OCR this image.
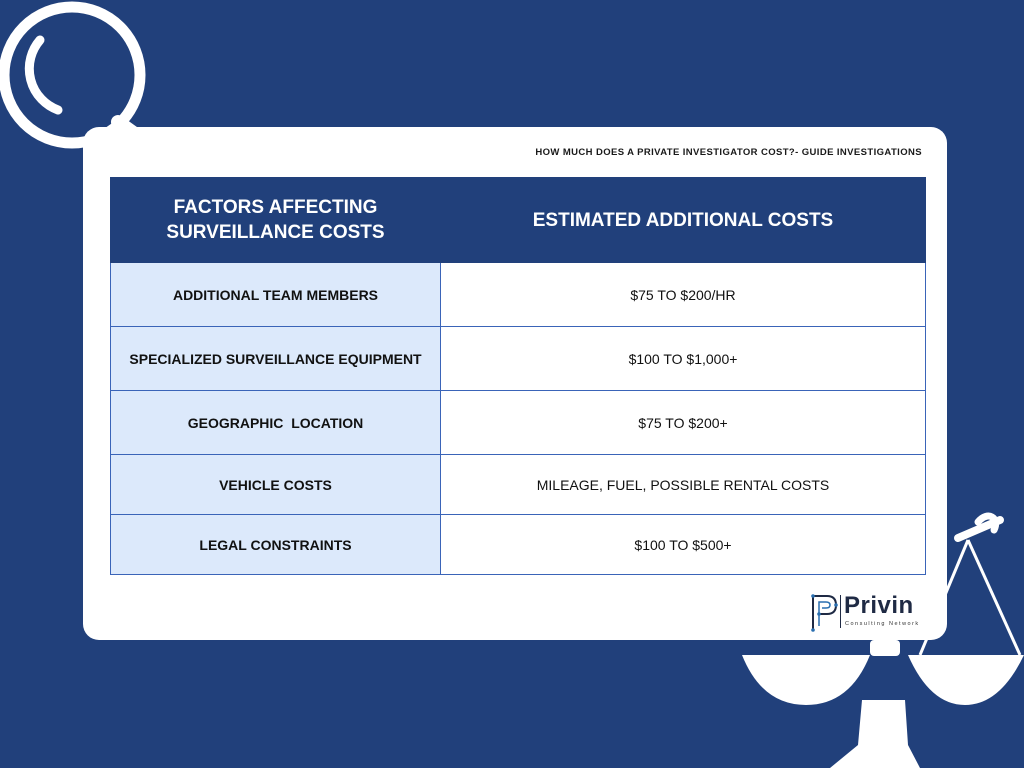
HOW MUCH DOES A PRIVATE INVESTIGATOR COST?- GUIDE INVESTIGATIONS
FACTORS AFFECTING SURVEILLANCE COSTS	ESTIMATED ADDITIONAL COSTS
ADDITIONAL TEAM MEMBERS	$75 TO $200/HR
SPECIALIZED SURVEILLANCE EQUIPMENT	$100 TO $1,000+
GEOGRAPHIC  LOCATION	$75 TO $200+
VEHICLE COSTS	MILEAGE, FUEL, POSSIBLE RENTAL COSTS
LEGAL CONSTRAINTS	$100 TO $500+
Privin
Consulting Network
